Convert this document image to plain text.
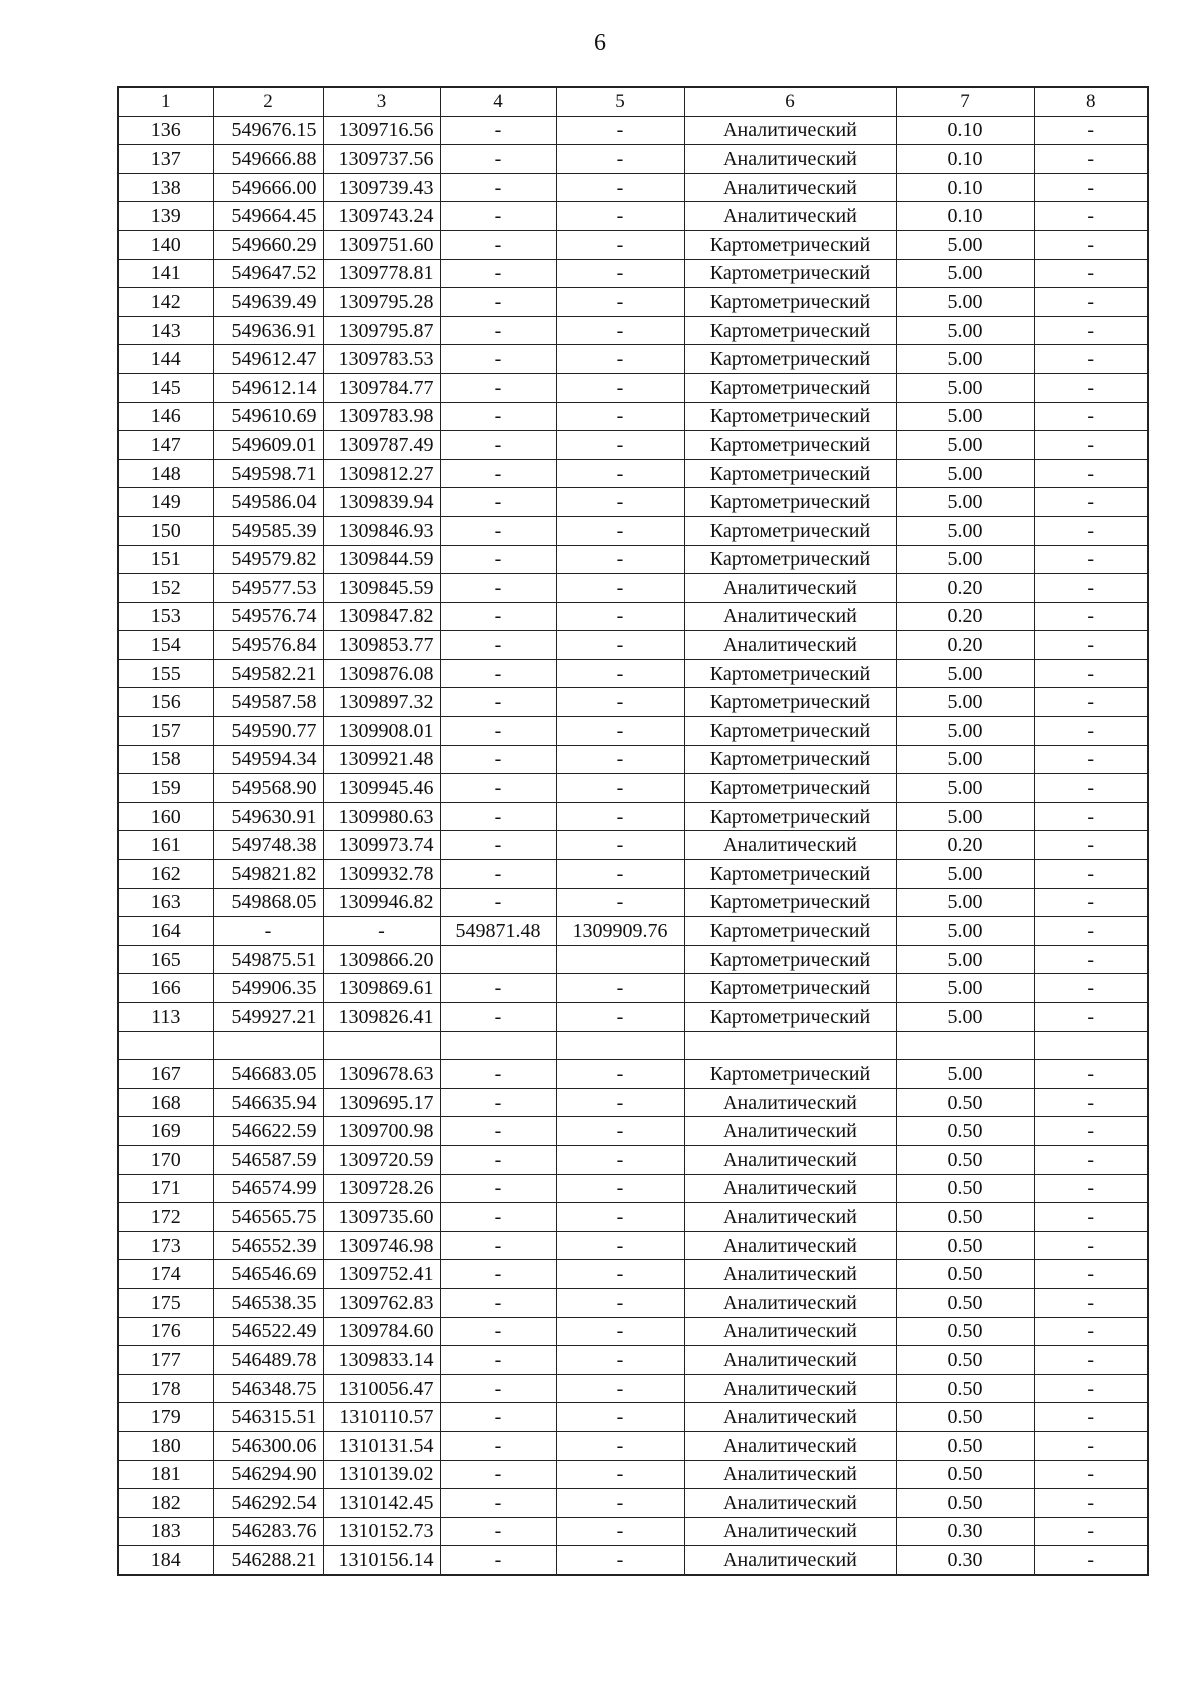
6
1	2	3	4	5	6	7	8
136	549676.15	1309716.56	-	-	Аналитический	0.10	-
137	549666.88	1309737.56	-	-	Аналитический	0.10	-
138	549666.00	1309739.43	-	-	Аналитический	0.10	-
139	549664.45	1309743.24	-	-	Аналитический	0.10	-
140	549660.29	1309751.60	-	-	Картометрический	5.00	-
141	549647.52	1309778.81	-	-	Картометрический	5.00	-
142	549639.49	1309795.28	-	-	Картометрический	5.00	-
143	549636.91	1309795.87	-	-	Картометрический	5.00	-
144	549612.47	1309783.53	-	-	Картометрический	5.00	-
145	549612.14	1309784.77	-	-	Картометрический	5.00	-
146	549610.69	1309783.98	-	-	Картометрический	5.00	-
147	549609.01	1309787.49	-	-	Картометрический	5.00	-
148	549598.71	1309812.27	-	-	Картометрический	5.00	-
149	549586.04	1309839.94	-	-	Картометрический	5.00	-
150	549585.39	1309846.93	-	-	Картометрический	5.00	-
151	549579.82	1309844.59	-	-	Картометрический	5.00	-
152	549577.53	1309845.59	-	-	Аналитический	0.20	-
153	549576.74	1309847.82	-	-	Аналитический	0.20	-
154	549576.84	1309853.77	-	-	Аналитический	0.20	-
155	549582.21	1309876.08	-	-	Картометрический	5.00	-
156	549587.58	1309897.32	-	-	Картометрический	5.00	-
157	549590.77	1309908.01	-	-	Картометрический	5.00	-
158	549594.34	1309921.48	-	-	Картометрический	5.00	-
159	549568.90	1309945.46	-	-	Картометрический	5.00	-
160	549630.91	1309980.63	-	-	Картометрический	5.00	-
161	549748.38	1309973.74	-	-	Аналитический	0.20	-
162	549821.82	1309932.78	-	-	Картометрический	5.00	-
163	549868.05	1309946.82	-	-	Картометрический	5.00	-
164	-	-	549871.48	1309909.76	Картометрический	5.00	-
165	549875.51	1309866.20			Картометрический	5.00	-
166	549906.35	1309869.61	-	-	Картометрический	5.00	-
113	549927.21	1309826.41	-	-	Картометрический	5.00	-

167	546683.05	1309678.63	-	-	Картометрический	5.00	-
168	546635.94	1309695.17	-	-	Аналитический	0.50	-
169	546622.59	1309700.98	-	-	Аналитический	0.50	-
170	546587.59	1309720.59	-	-	Аналитический	0.50	-
171	546574.99	1309728.26	-	-	Аналитический	0.50	-
172	546565.75	1309735.60	-	-	Аналитический	0.50	-
173	546552.39	1309746.98	-	-	Аналитический	0.50	-
174	546546.69	1309752.41	-	-	Аналитический	0.50	-
175	546538.35	1309762.83	-	-	Аналитический	0.50	-
176	546522.49	1309784.60	-	-	Аналитический	0.50	-
177	546489.78	1309833.14	-	-	Аналитический	0.50	-
178	546348.75	1310056.47	-	-	Аналитический	0.50	-
179	546315.51	1310110.57	-	-	Аналитический	0.50	-
180	546300.06	1310131.54	-	-	Аналитический	0.50	-
181	546294.90	1310139.02	-	-	Аналитический	0.50	-
182	546292.54	1310142.45	-	-	Аналитический	0.50	-
183	546283.76	1310152.73	-	-	Аналитический	0.30	-
184	546288.21	1310156.14	-	-	Аналитический	0.30	-
